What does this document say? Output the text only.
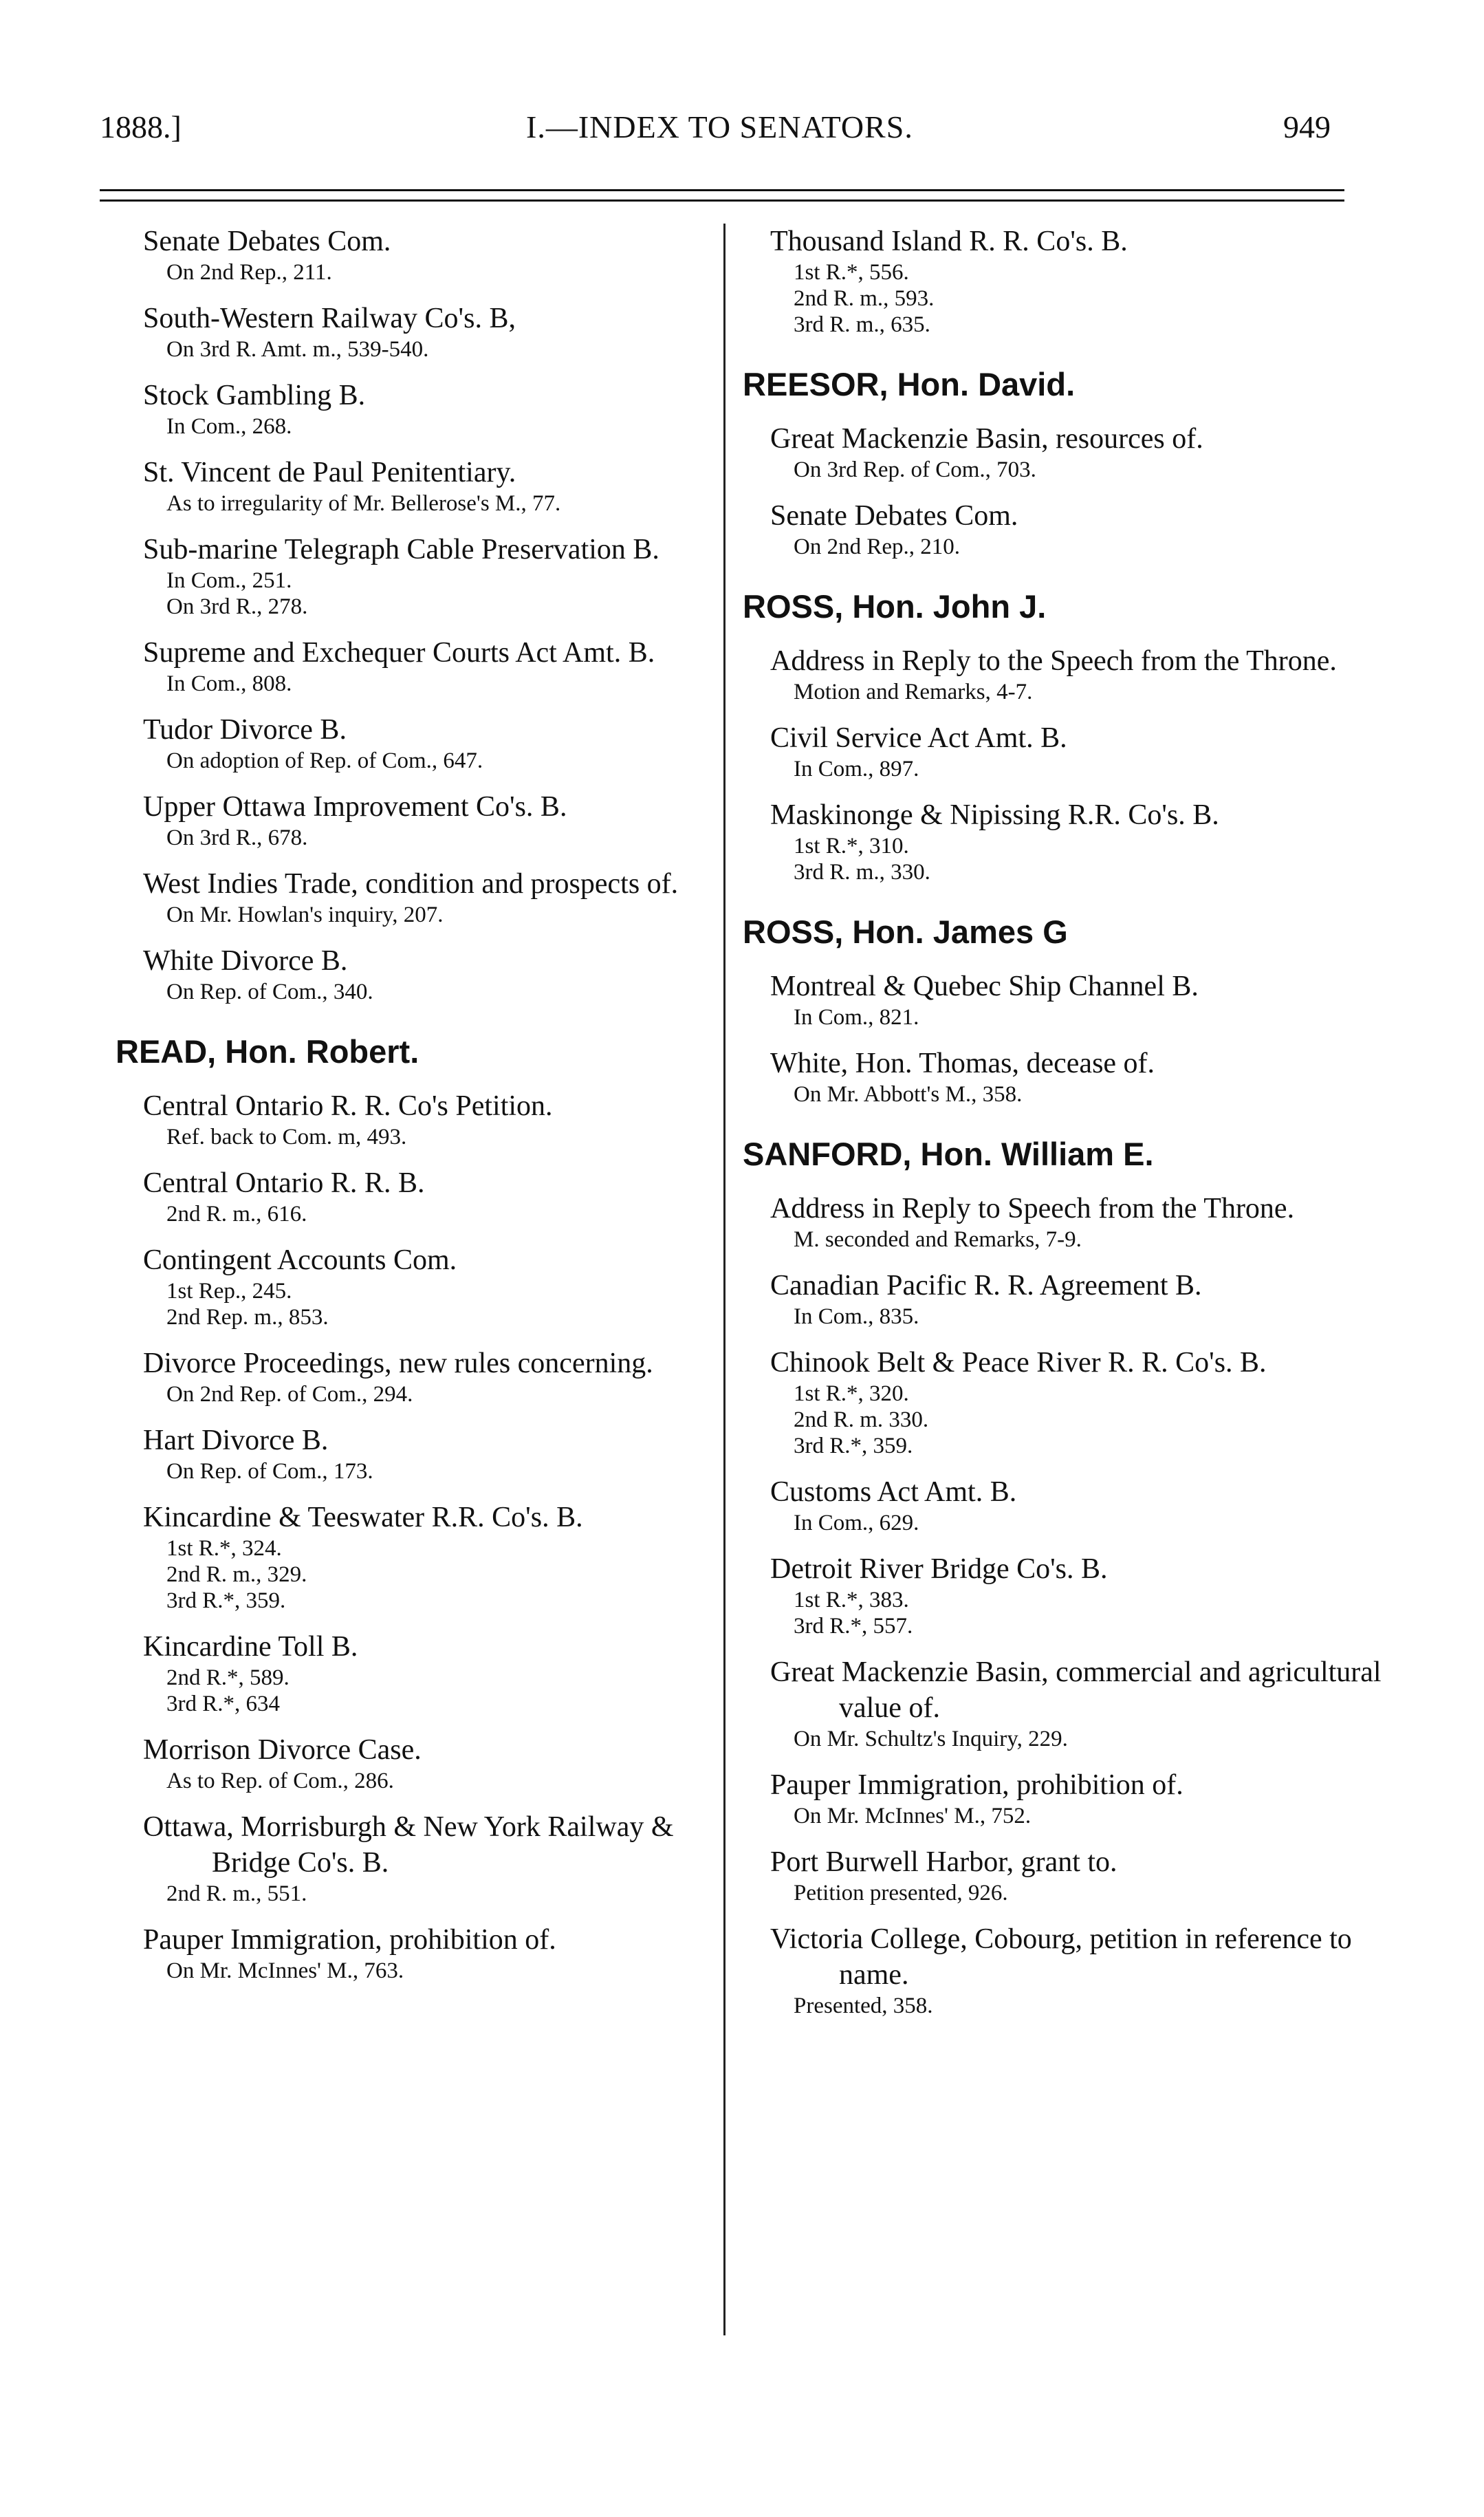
1888.]	I.—INDEX TO SENATORS.	949
Senate Debates Com.
On 2nd Rep., 211.
South-Western Railway Co's. B,
On 3rd R. Amt. m., 539-540.
Stock Gambling B.
In Com., 268.
St. Vincent de Paul Penitentiary.
As to irregularity of Mr. Bellerose's M., 77.
Sub-marine Telegraph Cable Preservation B.
In Com., 251.
On 3rd R., 278.
Supreme and Exchequer Courts Act Amt. B.
In Com., 808.
Tudor Divorce B.
On adoption of Rep. of Com., 647.
Upper Ottawa Improvement Co's. B.
On 3rd R., 678.
West Indies Trade, condition and prospects of.
On Mr. Howlan's inquiry, 207.
White Divorce B.
On Rep. of Com., 340.
READ, Hon. Robert.
Central Ontario R. R. Co's Petition.
Ref. back to Com. m, 493.
Central Ontario R. R. B.
2nd R. m., 616.
Contingent Accounts Com.
1st Rep., 245.
2nd Rep. m., 853.
Divorce Proceedings, new rules concerning.
On 2nd Rep. of Com., 294.
Hart Divorce B.
On Rep. of Com., 173.
Kincardine & Teeswater R.R. Co's. B.
1st R.*, 324.
2nd R. m., 329.
3rd R.*, 359.
Kincardine Toll B.
2nd R.*, 589.
3rd R.*, 634
Morrison Divorce Case.
As to Rep. of Com., 286.
Ottawa, Morrisburgh & New York Railway & Bridge Co's. B.
2nd R. m., 551.
Pauper Immigration, prohibition of.
On Mr. McInnes' M., 763.
Thousand Island R. R. Co's. B.
1st R.*, 556.
2nd R. m., 593.
3rd R. m., 635.
REESOR, Hon. David.
Great Mackenzie Basin, resources of.
On 3rd Rep. of Com., 703.
Senate Debates Com.
On 2nd Rep., 210.
ROSS, Hon. John J.
Address in Reply to the Speech from the Throne.
Motion and Remarks, 4-7.
Civil Service Act Amt. B.
In Com., 897.
Maskinonge & Nipissing R.R. Co's. B.
1st R.*, 310.
3rd R. m., 330.
ROSS, Hon. James G
Montreal & Quebec Ship Channel B.
In Com., 821.
White, Hon. Thomas, decease of.
On Mr. Abbott's M., 358.
SANFORD, Hon. William E.
Address in Reply to Speech from the Throne.
M. seconded and Remarks, 7-9.
Canadian Pacific R. R. Agreement B.
In Com., 835.
Chinook Belt & Peace River R. R. Co's. B.
1st R.*, 320.
2nd R. m. 330.
3rd R.*, 359.
Customs Act Amt. B.
In Com., 629.
Detroit River Bridge Co's. B.
1st R.*, 383.
3rd R.*, 557.
Great Mackenzie Basin, commercial and agricultural value of.
On Mr. Schultz's Inquiry, 229.
Pauper Immigration, prohibition of.
On Mr. McInnes' M., 752.
Port Burwell Harbor, grant to.
Petition presented, 926.
Victoria College, Cobourg, petition in reference to name.
Presented, 358.
